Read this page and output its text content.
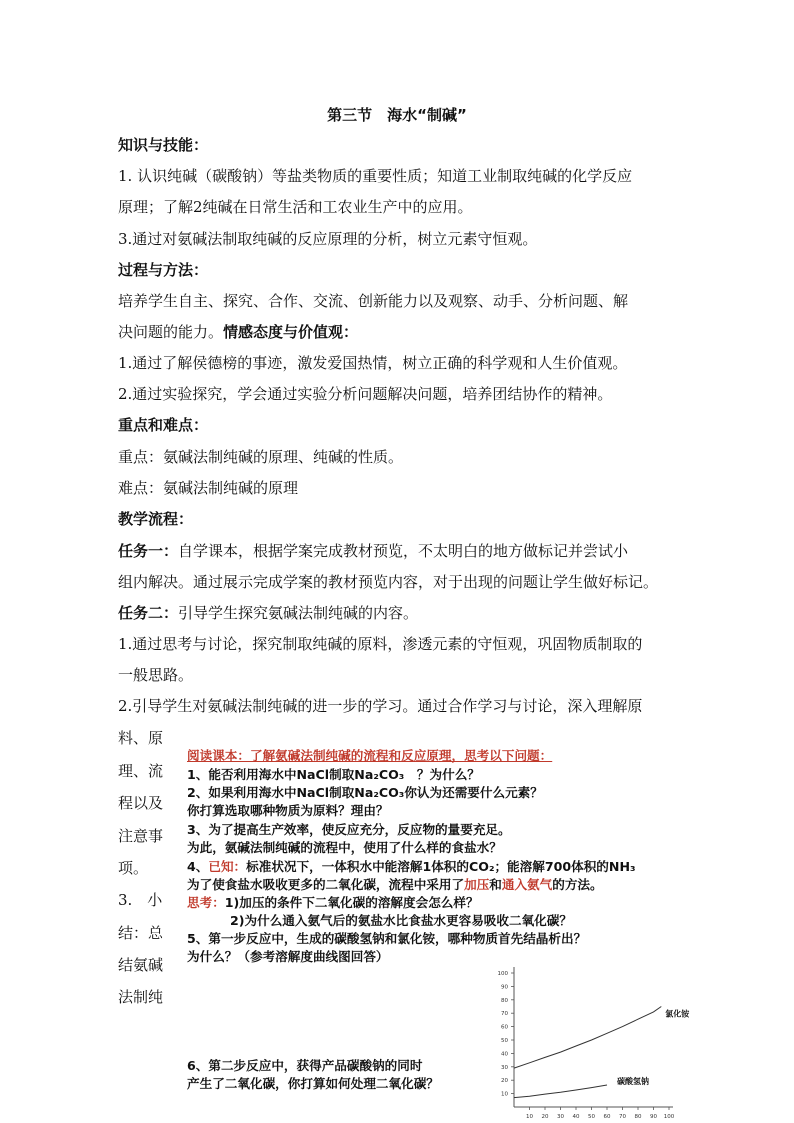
第三节　海水“制碱”
知识与技能：
1. 认识纯碱（碳酸钠）等盐类物质的重要性质；知道工业制取纯碱的化学反应
原理；了解2纯碱在日常生活和工农业生产中的应用。
3.通过对氨碱法制取纯碱的反应原理的分析，树立元素守恒观。
过程与方法：
培养学生自主、探究、合作、交流、创新能力以及观察、动手、分析问题、解
决问题的能力。情感态度与价值观：
1.通过了解侯德榜的事迹，激发爱国热情，树立正确的科学观和人生价值观。
2.通过实验探究，学会通过实验分析问题解决问题，培养团结协作的精神。
重点和难点：
重点：氨碱法制纯碱的原理、纯碱的性质。
难点：氨碱法制纯碱的原理
教学流程：
任务一：自学课本，根据学案完成教材预览，不太明白的地方做标记并尝试小
组内解决。通过展示完成学案的教材预览内容，对于出现的问题让学生做好标记。
任务二：引导学生探究氨碱法制纯碱的内容。
1.通过思考与讨论，探究制取纯碱的原料，渗透元素的守恒观，巩固物质制取的
一般思路。
2.引导学生对氨碱法制纯碱的进一步的学习。通过合作学习与讨论，深入理解原
料、原
理、流
程以及
注意事
项。
3.　小
结：总
结氨碱
法制纯
阅读课本：了解氨碱法制纯碱的流程和反应原理，思考以下问题：
1、能否利用海水中NaCl制取Na₂CO₃　？为什么？
2、如果利用海水中NaCl制取Na₂CO₃你认为还需要什么元素？
你打算选取哪种物质为原料？理由？
3、为了提高生产效率，使反应充分，反应物的量要充足。
为此，氨碱法制纯碱的流程中，使用了什么样的食盐水？
4、已知：标准状况下，一体积水中能溶解1体积的CO₂；能溶解700体积的NH₃
为了使食盐水吸收更多的二氧化碳，流程中采用了加压和通入氨气的方法。
思考：1)加压的条件下二氧化碳的溶解度会怎么样？
2)为什么通入氨气后的氨盐水比食盐水更容易吸收二氧化碳？
5、第一步反应中，生成的碳酸氢钠和氯化铵，哪种物质首先结晶析出？
为什么？（参考溶解度曲线图回答）
6、第二步反应中，获得产品碳酸钠的同时
产生了二氧化碳，你打算如何处理二氧化碳？
10
20
30
40
50
60
70
80
90
100
10 20 30 40 50 60 70 80 90 100
氯化铵
碳酸氢钠
